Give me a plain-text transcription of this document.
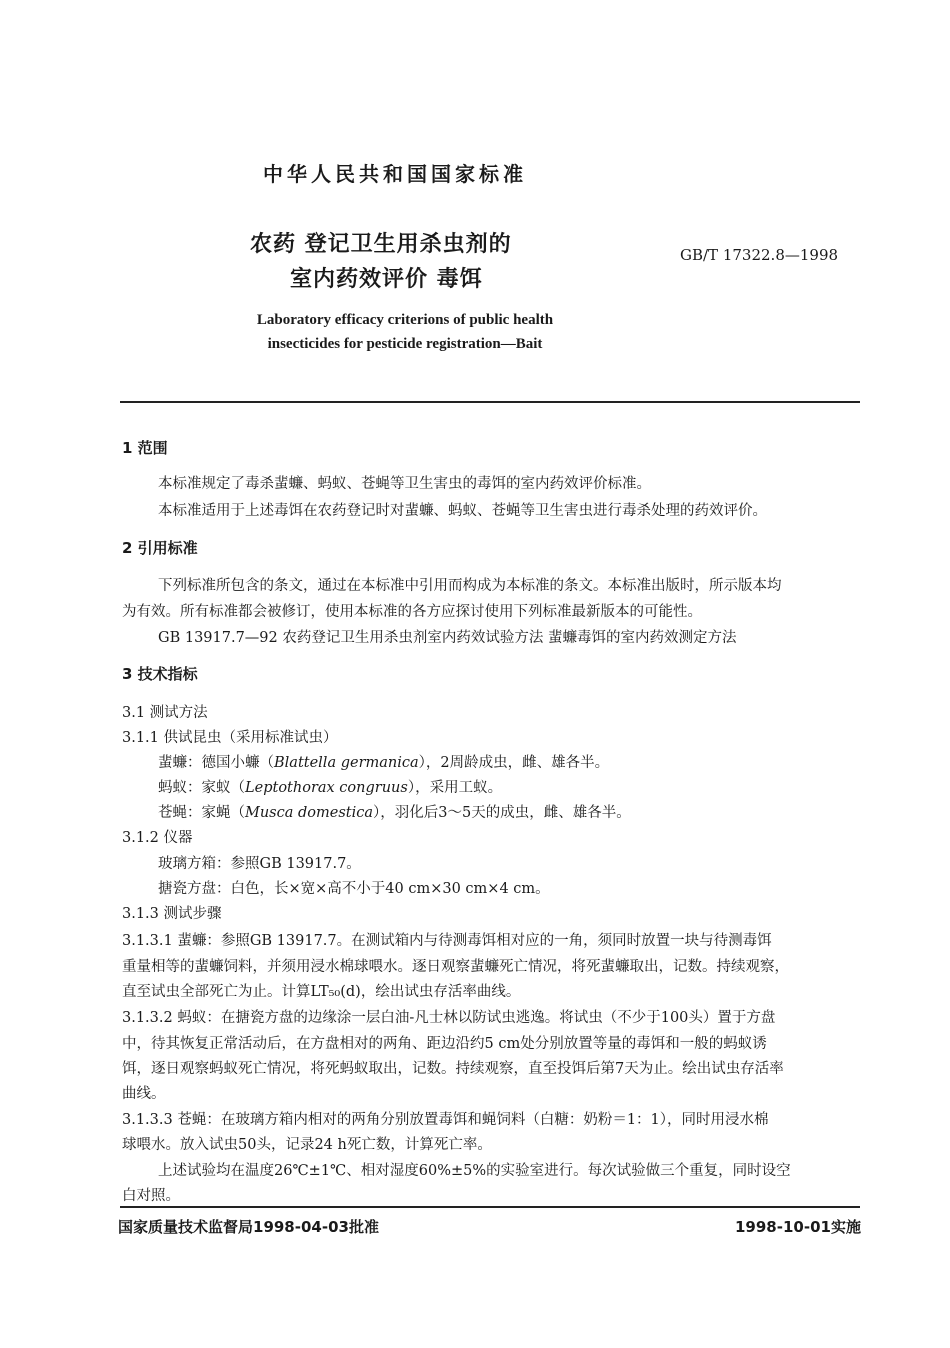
中华人民共和国国家标准
农药 登记卫生用杀虫剂的
室内药效评价 毒饵
GB/T 17322.8—1998
Laboratory efficacy criterions of public health
insecticides for pesticide registration—Bait
1 范围
本标准规定了毒杀蜚蠊、蚂蚁、苍蝇等卫生害虫的毒饵的室内药效评价标准。
本标准适用于上述毒饵在农药登记时对蜚蠊、蚂蚁、苍蝇等卫生害虫进行毒杀处理的药效评价。
2 引用标准
下列标准所包含的条文，通过在本标准中引用而构成为本标准的条文。本标准出版时，所示版本均
为有效。所有标准都会被修订，使用本标准的各方应探讨使用下列标准最新版本的可能性。
GB 13917.7—92 农药登记卫生用杀虫剂室内药效试验方法 蜚蠊毒饵的室内药效测定方法
3 技术指标
3.1 测试方法
3.1.1 供试昆虫（采用标准试虫）
蜚蠊：德国小蠊（Blattella germanica），2周龄成虫，雌、雄各半。
蚂蚁：家蚁（Leptothorax congruus），采用工蚁。
苍蝇：家蝇（Musca domestica），羽化后3～5天的成虫，雌、雄各半。
3.1.2 仪器
玻璃方箱：参照GB 13917.7。
搪瓷方盘：白色，长×宽×高不小于40 cm×30 cm×4 cm。
3.1.3 测试步骤
3.1.3.1 蜚蠊：参照GB 13917.7。在测试箱内与待测毒饵相对应的一角，须同时放置一块与待测毒饵
重量相等的蜚蠊饲料，并须用浸水棉球喂水。逐日观察蜚蠊死亡情况，将死蜚蠊取出，记数。持续观察，
直至试虫全部死亡为止。计算LT₅₀(d)，绘出试虫存活率曲线。
3.1.3.2 蚂蚁：在搪瓷方盘的边缘涂一层白油-凡士林以防试虫逃逸。将试虫（不少于100头）置于方盘
中，待其恢复正常活动后，在方盘相对的两角、距边沿约5 cm处分别放置等量的毒饵和一般的蚂蚁诱
饵，逐日观察蚂蚁死亡情况，将死蚂蚁取出，记数。持续观察，直至投饵后第7天为止。绘出试虫存活率
曲线。
3.1.3.3 苍蝇：在玻璃方箱内相对的两角分别放置毒饵和蝇饲料（白糖：奶粉＝1：1），同时用浸水棉
球喂水。放入试虫50头，记录24 h死亡数，计算死亡率。
上述试验均在温度26℃±1℃、相对湿度60%±5%的实验室进行。每次试验做三个重复，同时设空
白对照。
国家质量技术监督局1998-04-03批准	1998-10-01实施
